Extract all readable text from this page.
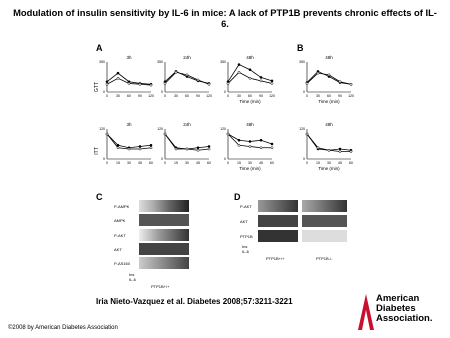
Modulation of insulin sensitivity by IL-6 in mice: A lack of PTP1B prevents chronic effects of IL-6.
A	B
C	D
3h
0 30 60 90 120
0
350
24h
0 30 60 90 120
0
350
48h
0 30 60 90 120
0
350
Time (min)
48h
0 30 60 90 120
0
350
Time (min)
3h
0 15 30 45 60
0
120
24h
0 15 30 45 60
0
120
48h
0 15 30 45 60
0
120
Time (min)
48h
0 15 30 45 60
0
120
Time (min)
GTT
ITT
P-AMPK
AMPK
P-AKT
AKT
P-AS160
Ins
IL-6
PTP1B+/+
P-AKT
AKT
PTP1B
Ins
IL-6
PTP1B+/+	PTP1B-/-
Iria Nieto-Vazquez et al. Diabetes 2008;57:3211-3221
©2008 by American Diabetes Association
American
Diabetes
Association.
